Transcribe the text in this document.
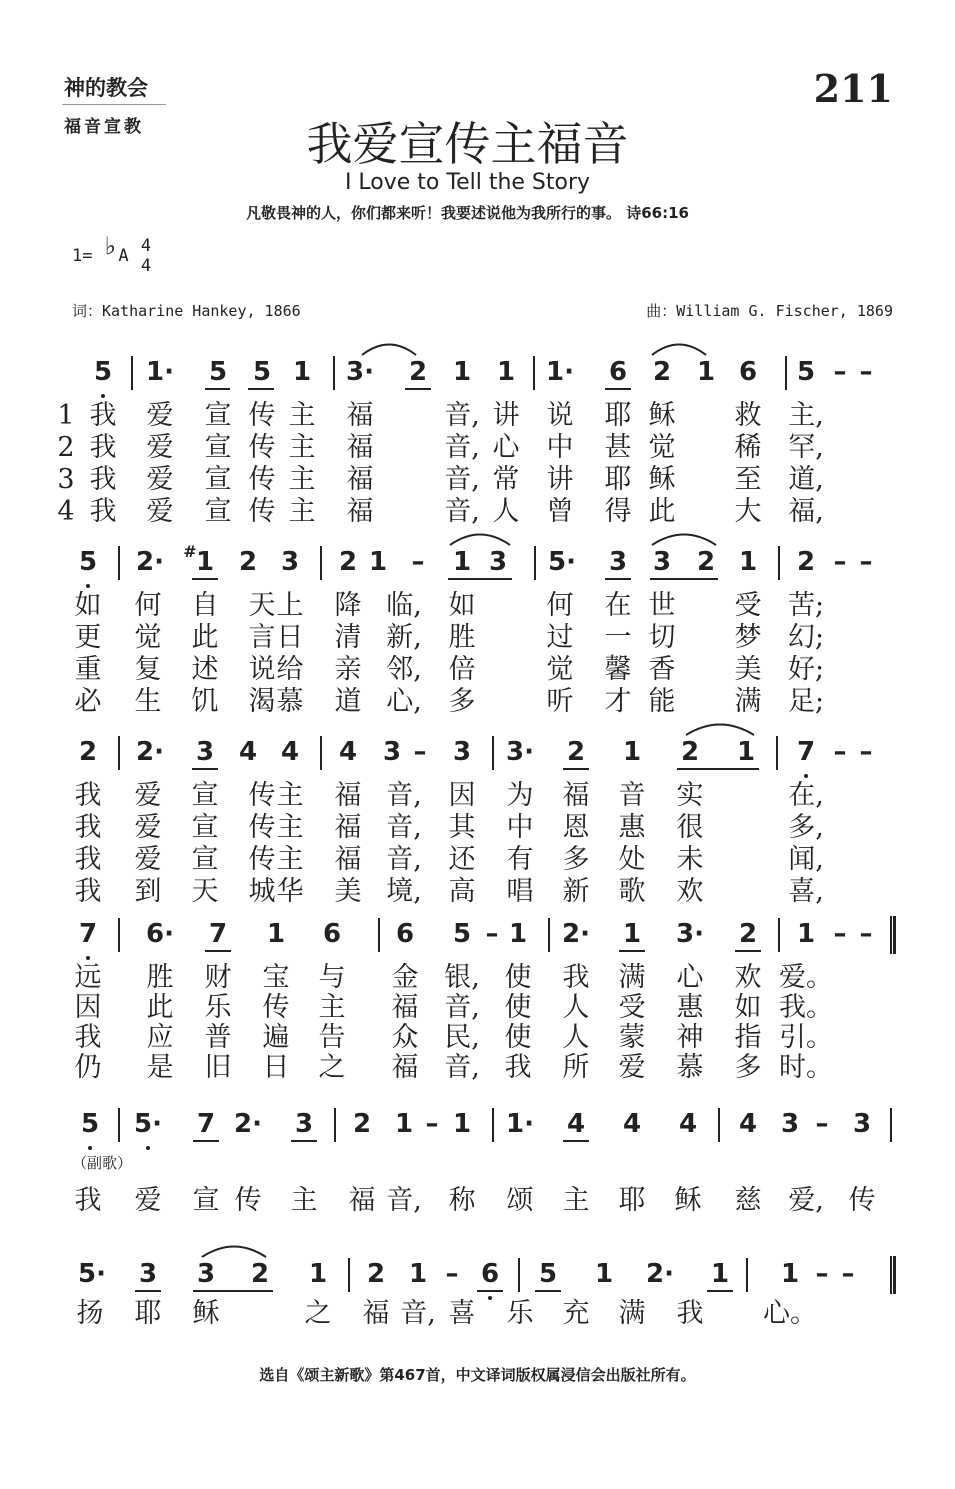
神的教会
福音宣教
211
我爱宣传主福音
I Love to Tell the Story
凡敬畏神的人，你们都来听！我要述说他为我所行的事。 诗66:16
1= ♭A 4
4
词：Katharine Hankey, 1866	曲：William G. Fischer, 1869
5 1· 5 5 1 3· 2 1 1 1· 6 2 1 6 5 – –
1 我 爱 宣 传 主 福	音, 讲 说 耶 稣 救 主,
2 我 爱 宣 传 主 福	音, 心 中 甚 觉 稀 罕,
3 我 爱 宣 传 主 福	音, 常 讲 耶 稣 至 道,
4 我 爱 宣 传 主 福	音, 人 曾 得 此 大 福,
5 2· # 1 2 3 2 1 – 1 3 5· 3 3 2 1 2 – –
如 何 自 天 上 降 临, 如	何 在 世 受 苦;
更 觉 此 言 日 清 新, 胜	过 一 切 梦 幻;
重 复 述 说 给 亲 邻, 倍	觉 馨 香 美 好;
必 生 饥 渴 慕 道 心, 多	听 才 能 满 足;
2 2· 3 4 4 4 3 – 3 3· 2 1 2 1 7 – –
我 爱 宣 传 主 福 音, 因 为 福 音 实	在,
我 爱 宣 传 主 福 音, 其 中 恩 惠 很	多,
我 爱 宣 传 主 福 音, 还 有 多 处 未	闻,
我 到 天 城 华 美 境, 高 唱 新 歌 欢	喜,
7 6· 7 1 6 6 5 – 1 2· 1 3· 2 1 – –
远 胜 财 宝 与 金 银, 使 我 满 心 欢 爱。
因 此 乐 传 主 福 音, 使 人 受 惠 如 我。
我 应 普 遍 告 众 民, 使 人 蒙 神 指 引。
仍 是 旧 日 之 福 音, 我 所 爱 慕 多 时。
5 5· 7 2· 3 2 1 – 1 1· 4 4 4 4 3 – 3
我 爱 宣 传 主 福 音, 称 颂 主 耶 稣 慈 爱, 传
5· 3 3 2 1 2 1 – 6 5 1 2· 1 1 – –
扬 耶 稣	之 福 音, 喜 乐 充 满 我 心。
（副歌）
选自《颂主新歌》第467首，中文译词版权属浸信会出版社所有。
